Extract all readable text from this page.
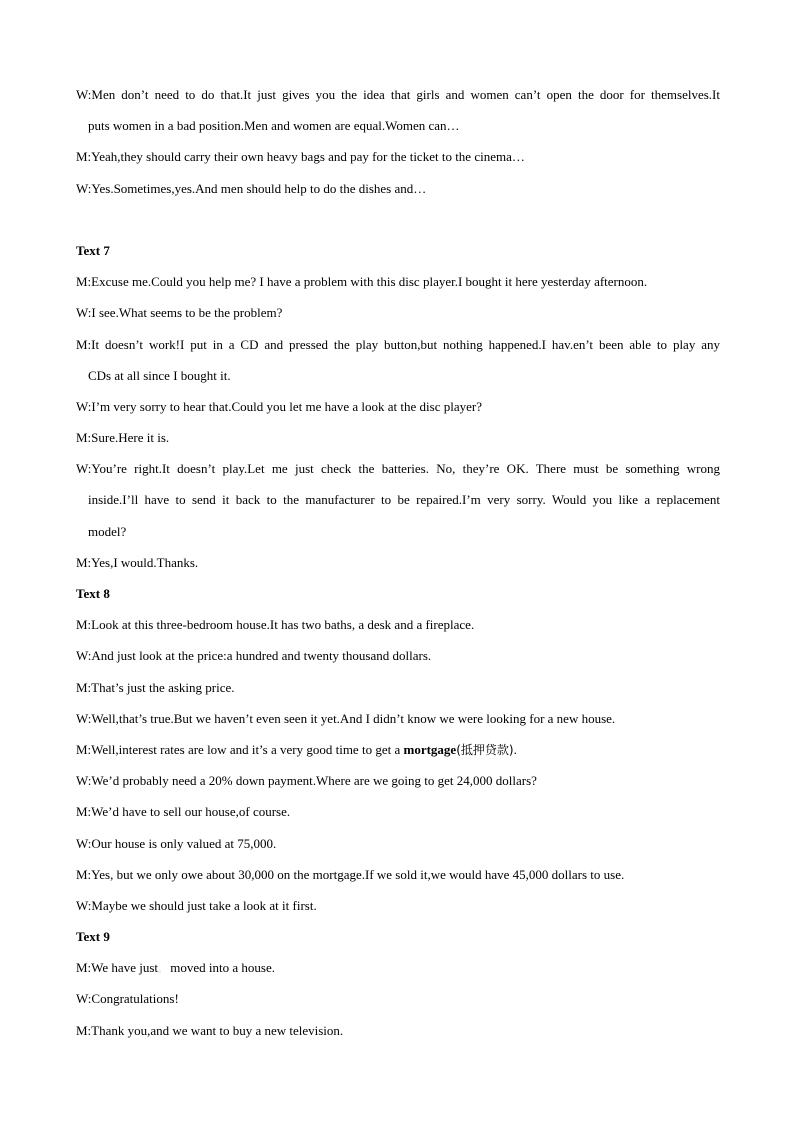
W:Men don’t need to do that.It just gives you the idea that girls and women can’t open the door for themselves.It
puts women in a bad position.Men and women are equal.Women can…
M:Yeah,they should carry their own heavy bags and pay for the ticket to the cinema…
W:Yes.Sometimes,yes.And men should help to do the dishes and…
Text 7
M:Excuse me.Could you help me? I have a problem with this disc player.I bought it here yesterday afternoon.
W:I see.What seems to be the problem?
M:It doesn’t work!I put in a CD and pressed the play button,but nothing happened.I hav.en’t been able to play any
CDs at all since I bought it.
W:I’m very sorry to hear that.Could you let me have a look at the disc player?
M:Sure.Here it is.
W:You’re right.It doesn’t play.Let me just check the batteries. No, they’re OK. There must be something wrong
inside.I’ll have to send it back to the manufacturer to be repaired.I’m very sorry. Would you like a replacement
model?
M:Yes,I would.Thanks.
Text 8
M:Look at this three-bedroom house.It has two baths, a desk and a fireplace.
W:And just look at the price:a hundred and twenty thousand dollars.
M:That’s just the asking price.
W:Well,that’s true.But we haven’t even seen it yet.And I didn’t know we were looking for a new house.
M:Well,interest rates are low and it’s a very good time to get a mortgage(抵押贷款).
W:We’d probably need a 20% down payment.Where are we going to get 24,000 dollars?
M:We’d have to sell our house,of course.
W:Our house is only valued at 75,000.
M:Yes, but we only owe about 30,000 on the mortgage.If we sold it,we would have 45,000 dollars to use.
W:Maybe we should just take a look at it first.
Text 9
M:We have just。 moved into a house.
W:Congratulations!
M:Thank you,and we want to buy a new television.
